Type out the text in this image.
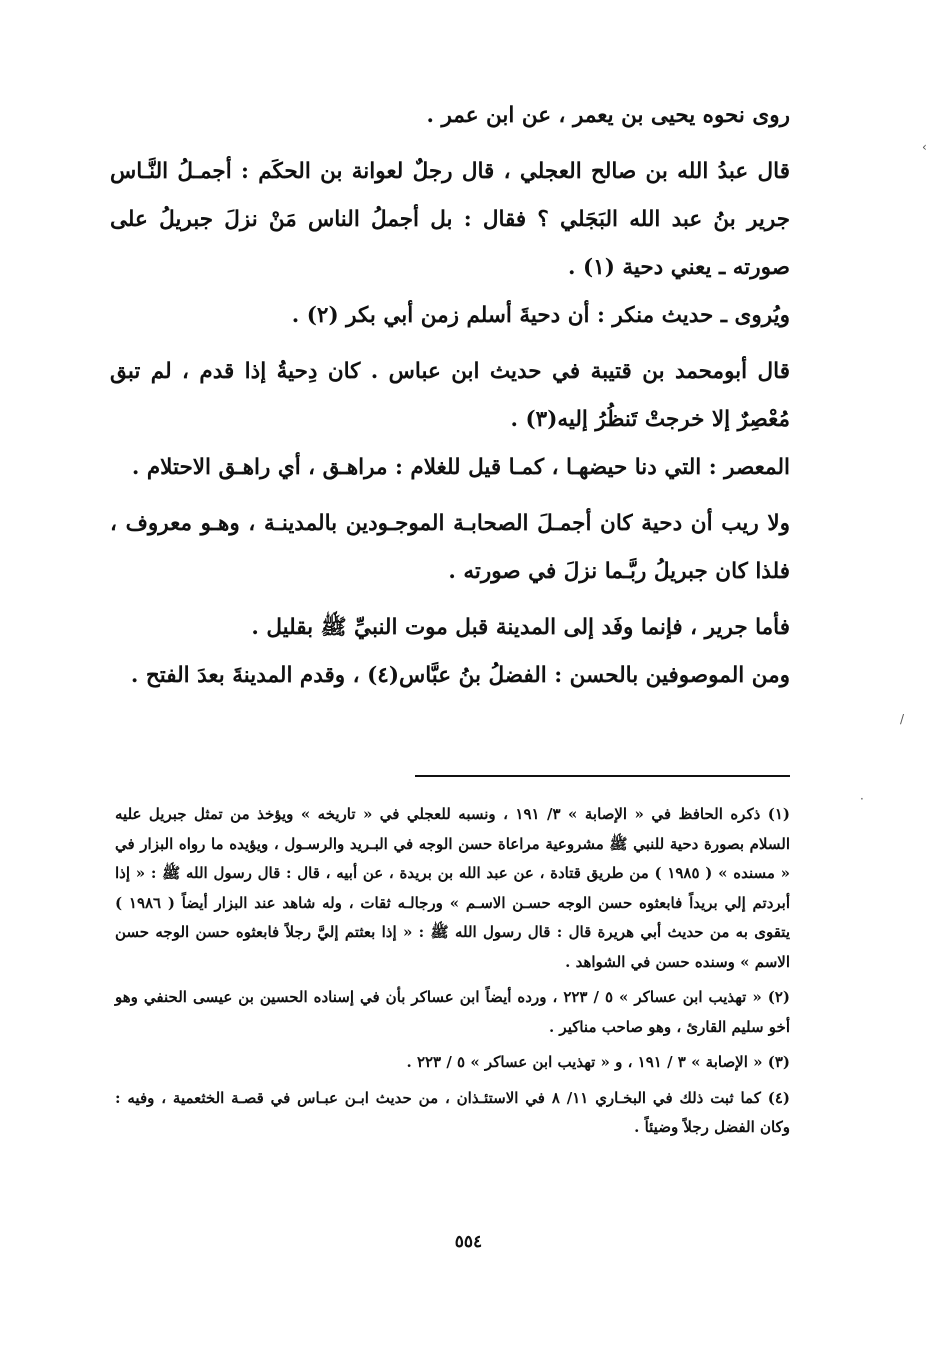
روى نحوه يحيى بن يعمر ، عن ابن عمر .

قال عبدُ الله بن صالح العجلي ، قال رجلٌ لعوانة بن الحكَم : أجمـلُ النَّـاس جرير بنُ عبد الله البَجَلي ؟ فقال : بل أجملُ الناس مَنْ نزلَ جبريلُ على صورته ـ يعني دحية (١) .

ويُروى ـ حديث منكر : أن دحيةَ أسلم زمن أبي بكر (٢) .

قال أبومحمد بن قتيبة في حديث ابن عباس . كان دِحيةُ إذا قدم ، لم تبق مُعْصِرٌ إلا خرجتْ تَنظُرُ إليه(٣) .

المعصر : التي دنا حيضهـا ، كمـا قيل للغلام : مراهـق ، أي راهـق الاحتلام .

ولا ريب أن دحية كان أجمـلَ الصحابـة الموجـودين بالمدينـة ، وهـو معروف ، فلذا كان جبريلُ ربَّـما نزلَ في صورته .

فأما جرير ، فإنما وفَد إلى المدينة قبل موت النبيِّ ﷺ بقليل .

ومن الموصوفين بالحسن : الفضلُ بنُ عبَّاس(٤) ، وقدم المدينةَ بعدَ الفتح .

(١) ذكره الحافظ في « الإصابة » ٣/ ١٩١ ، ونسبه للعجلي في « تاريخه » ويؤخذ من تمثل جبريل عليه السلام بصورة دحية للنبي ﷺ مشروعية مراعاة حسن الوجه في البـريد والرسـول ، ويؤيده ما رواه البزار في « مسنده » ( ١٩٨٥ ) من طريق قتادة ، عن عبد الله بن بريدة ، عن أبيه ، قال : قال رسول الله ﷺ : « إذا أبردتم إلي بريداً فابعثوه حسن الوجه حسـن الاسـم » ورجالـه ثقات ، وله شاهد عند البزار أيضاً ( ١٩٨٦ ) يتقوى به من حديث أبي هريرة قال : قال رسول الله ﷺ : « إذا بعثتم إليَّ رجلاً فابعثوه حسن الوجه حسن الاسم » وسنده حسن في الشواهد .

(٢) « تهذيب ابن عساكر » ٥ / ٢٢٣ ، ورده أيضاً ابن عساكر بأن في إسناده الحسين بن عيسى الحنفي وهو أخو سليم القارئ ، وهو صاحب مناكير .

(٣) « الإصابة » ٣ / ١٩١ ، و « تهذيب ابن عساكر » ٥ / ٢٢٣ .

(٤) كما ثبت ذلك في البخـاري ١١/ ٨ في الاستئـذان ، من حديث ابـن عبـاس في قصـة الخثعمية ، وفيه : وكان الفضل رجلاً وضيئاً .

٥٥٤
‹
/
·
